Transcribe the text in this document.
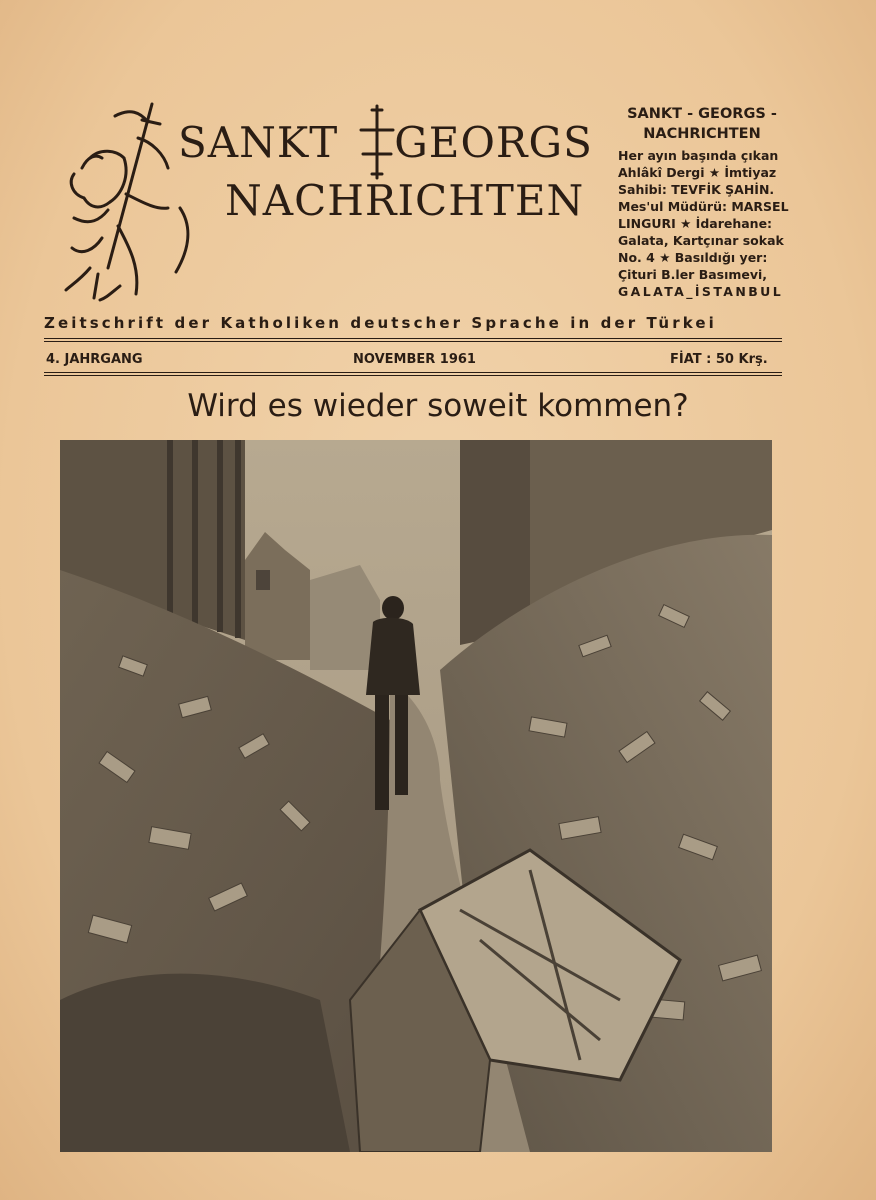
SANKT GEORGS
NACHRICHTEN
SANKT - GEORGS -
NACHRICHTEN
Her ayın başında çıkan
Ahlâkî Dergi ★ İmtiyaz
Sahibi: TEVFİK ŞAHİN.
Mes'ul Müdürü: MARSEL
LINGURI ★ İdarehane:
Galata, Kartçınar sokak
No. 4 ★ Basıldığı yer:
Çituri B.ler Basımevi,
GALATA_İSTANBUL
Zeitschrift der Katholiken deutscher Sprache in der Türkei
4. JAHRGANG	NOVEMBER 1961	FİAT : 50 Krş.
Wird es wieder soweit kommen?
